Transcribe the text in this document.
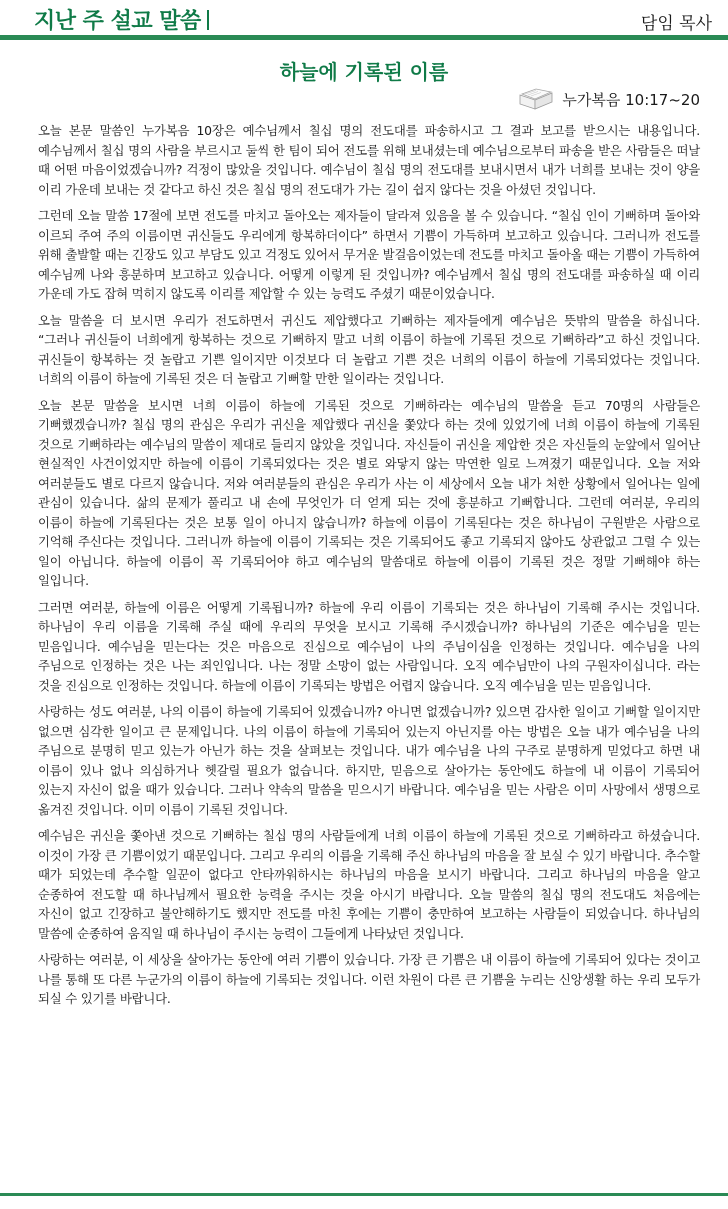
지난 주 설교 말씀	담임 목사
하늘에 기록된 이름
누가복음 10:17~20

오늘 본문 말씀인 누가복음 10장은 예수님께서 칠십 명의 전도대를 파송하시고 그 결과 보고를 받으시는 내용입니다. 예수님께서 칠십 명의 사람을 부르시고 둘씩 한 팀이 되어 전도를 위해 보내셨는데 예수님으로부터 파송을 받은 사람들은 떠날 때 어떤 마음이었겠습니까? 걱정이 많았을 것입니다. 예수님이 칠십 명의 전도대를 보내시면서 내가 너희를 보내는 것이 양을 이리 가운데 보내는 것 같다고 하신 것은 칠십 명의 전도대가 가는 길이 쉽지 않다는 것을 아셨던 것입니다.

그런데 오늘 말씀 17절에 보면 전도를 마치고 돌아오는 제자들이 달라져 있음을 볼 수 있습니다. “칠십 인이 기뻐하며 돌아와 이르되 주여 주의 이름이면 귀신들도 우리에게 항복하더이다” 하면서 기쁨이 가득하며 보고하고 있습니다. 그러니까 전도를 위해 출발할 때는 긴장도 있고 부담도 있고 걱정도 있어서 무거운 발걸음이었는데 전도를 마치고 돌아올 때는 기쁨이 가득하여 예수님께 나와 흥분하며 보고하고 있습니다. 어떻게 이렇게 된 것입니까? 예수님께서 칠십 명의 전도대를 파송하실 때 이리 가운데 가도 잡혀 먹히지 않도록 이리를 제압할 수 있는 능력도 주셨기 때문이었습니다.

오늘 말씀을 더 보시면 우리가 전도하면서 귀신도 제압했다고 기뻐하는 제자들에게 예수님은 뜻밖의 말씀을 하십니다. “그러나 귀신들이 너희에게 항복하는 것으로 기뻐하지 말고 너희 이름이 하늘에 기록된 것으로 기뻐하라”고 하신 것입니다. 귀신들이 항복하는 것 놀랍고 기쁜 일이지만 이것보다 더 놀랍고 기쁜 것은 너희의 이름이 하늘에 기록되었다는 것입니다. 너희의 이름이 하늘에 기록된 것은 더 놀랍고 기뻐할 만한 일이라는 것입니다.

오늘 본문 말씀을 보시면 너희 이름이 하늘에 기록된 것으로 기뻐하라는 예수님의 말씀을 듣고 70명의 사람들은 기뻐했겠습니까? 칠십 명의 관심은 우리가 귀신을 제압했다 귀신을 쫓았다 하는 것에 있었기에 너희 이름이 하늘에 기록된 것으로 기뻐하라는 예수님의 말씀이 제대로 들리지 않았을 것입니다. 자신들이 귀신을 제압한 것은 자신들의 눈앞에서 일어난 현실적인 사건이었지만 하늘에 이름이 기록되었다는 것은 별로 와닿지 않는 막연한 일로 느껴졌기 때문입니다. 오늘 저와 여러분들도 별로 다르지 않습니다. 저와 여러분들의 관심은 우리가 사는 이 세상에서 오늘 내가 처한 상황에서 일어나는 일에 관심이 있습니다. 삶의 문제가 풀리고 내 손에 무엇인가 더 얻게 되는 것에 흥분하고 기뻐합니다. 그런데 여러분, 우리의 이름이 하늘에 기록된다는 것은 보통 일이 아니지 않습니까? 하늘에 이름이 기록된다는 것은 하나님이 구원받은 사람으로 기억해 주신다는 것입니다. 그러니까 하늘에 이름이 기록되는 것은 기록되어도 좋고 기록되지 않아도 상관없고 그럴 수 있는 일이 아닙니다. 하늘에 이름이 꼭 기록되어야 하고 예수님의 말씀대로 하늘에 이름이 기록된 것은 정말 기뻐해야 하는 일입니다.

그러면 여러분, 하늘에 이름은 어떻게 기록됩니까? 하늘에 우리 이름이 기록되는 것은 하나님이 기록해 주시는 것입니다. 하나님이 우리 이름을 기록해 주실 때에 우리의 무엇을 보시고 기록해 주시겠습니까? 하나님의 기준은 예수님을 믿는 믿음입니다. 예수님을 믿는다는 것은 마음으로 진심으로 예수님이 나의 주님이심을 인정하는 것입니다. 예수님을 나의 주님으로 인정하는 것은 나는 죄인입니다. 나는 정말 소망이 없는 사람입니다. 오직 예수님만이 나의 구원자이십니다. 라는 것을 진심으로 인정하는 것입니다. 하늘에 이름이 기록되는 방법은 어렵지 않습니다. 오직 예수님을 믿는 믿음입니다.

사랑하는 성도 여러분, 나의 이름이 하늘에 기록되어 있겠습니까? 아니면 없겠습니까? 있으면 감사한 일이고 기뻐할 일이지만 없으면 심각한 일이고 큰 문제입니다. 나의 이름이 하늘에 기록되어 있는지 아닌지를 아는 방법은 오늘 내가 예수님을 나의 주님으로 분명히 믿고 있는가 아닌가 하는 것을 살펴보는 것입니다. 내가 예수님을 나의 구주로 분명하게 믿었다고 하면 내 이름이 있나 없나 의심하거나 헷갈릴 필요가 없습니다. 하지만, 믿음으로 살아가는 동안에도 하늘에 내 이름이 기록되어 있는지 자신이 없을 때가 있습니다. 그러나 약속의 말씀을 믿으시기 바랍니다. 예수님을 믿는 사람은 이미 사망에서 생명으로 옮겨진 것입니다. 이미 이름이 기록된 것입니다.

예수님은 귀신을 쫓아낸 것으로 기뻐하는 칠십 명의 사람들에게 너희 이름이 하늘에 기록된 것으로 기뻐하라고 하셨습니다. 이것이 가장 큰 기쁨이었기 때문입니다. 그리고 우리의 이름을 기록해 주신 하나님의 마음을 잘 보실 수 있기 바랍니다. 추수할 때가 되었는데 추수할 일꾼이 없다고 안타까워하시는 하나님의 마음을 보시기 바랍니다. 그리고 하나님의 마음을 알고 순종하여 전도할 때 하나님께서 필요한 능력을 주시는 것을 아시기 바랍니다. 오늘 말씀의 칠십 명의 전도대도 처음에는 자신이 없고 긴장하고 불안해하기도 했지만 전도를 마친 후에는 기쁨이 충만하여 보고하는 사람들이 되었습니다. 하나님의 말씀에 순종하여 움직일 때 하나님이 주시는 능력이 그들에게 나타났던 것입니다.

사랑하는 여러분, 이 세상을 살아가는 동안에 여러 기쁨이 있습니다. 가장 큰 기쁨은 내 이름이 하늘에 기록되어 있다는 것이고 나를 통해 또 다른 누군가의 이름이 하늘에 기록되는 것입니다. 이런 차원이 다른 큰 기쁨을 누리는 신앙생활 하는 우리 모두가 되실 수 있기를 바랍니다.
